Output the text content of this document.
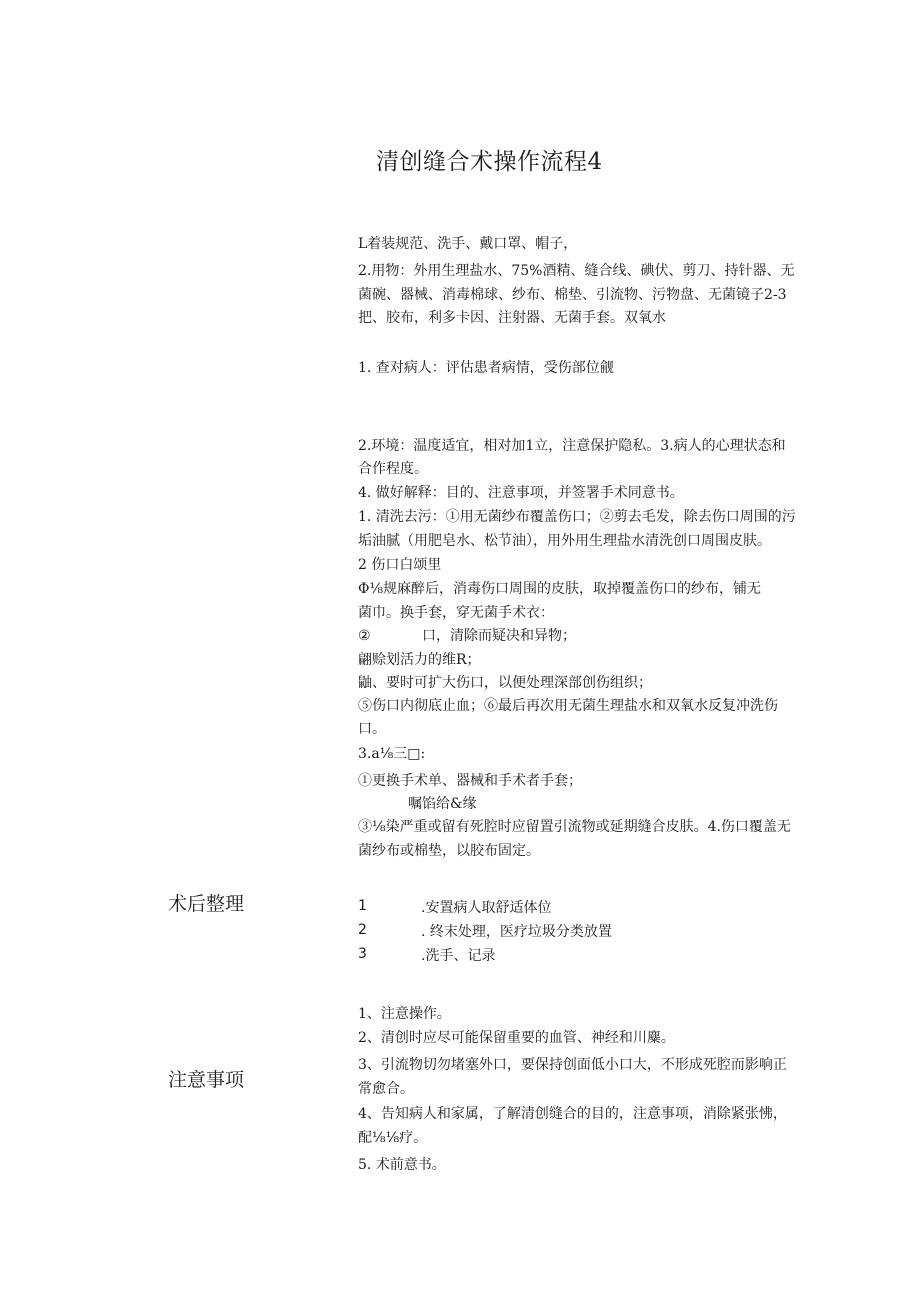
清创缝合术操作流程4
L着装规范、洗手、戴口罩、帽子，
2.用物：外用生理盐水、75%酒精、缝合线、碘伏、剪刀、持针器、无
菌碗、器械、消毒棉球、纱布、棉垫、引流物、污物盘、无菌镜子2-3
把、胶布，利多卡因、注射器、无菌手套。双氧水
1. 查对病人：评估患者病情，受伤部位觎
2.环境：温度适宜，相对加1立，注意保护隐私。3.病人的心理状态和
合作程度。
4. 做好解释：目的、注意事项，并签署手术同意书。
1. 清洗去污：①用无菌纱布覆盖伤口；②剪去毛发，除去伤口周围的污
垢油腻（用肥皂水、松节油），用外用生理盐水清洗创口周围皮肤。
2 伤口白颂里
Φ⅛规麻醉后，消毒伤口周围的皮肤，取掉覆盖伤口的纱布，铺无
菌巾。换手套，穿无菌手术衣：
②	口，清除而疑决和异物；
翩赊划活力的维R；
鼬、要时可扩大伤口，以便处理深部创伤组织；
⑤伤口内彻底止血；⑥最后再次用无菌生理盐水和双氧水反复冲洗伤
口。
3.a⅛三□:
①更换手术单、器械和手术者手套；
嘱馅给&缘
③⅛染严重或留有死腔时应留置引流物或延期缝合皮肤。4.伤口覆盖无
菌纱布或棉垫，以胶布固定。
术后整理	1	.安置病人取舒适体位
2	. 终末处理，医疗垃圾分类放置
3	.洗手、记录
注意事项
1、注意操作。
2、清创时应尽可能保留重要的血管、神经和川麋。
3、引流物切勿堵塞外口，要保持创面低小口大，不形成死腔而影响正
常愈合。
4、告知病人和家属，了解清创缝合的目的，注意事项，消除紧张怫，
配⅛⅛疗。
5. 术前意书。
